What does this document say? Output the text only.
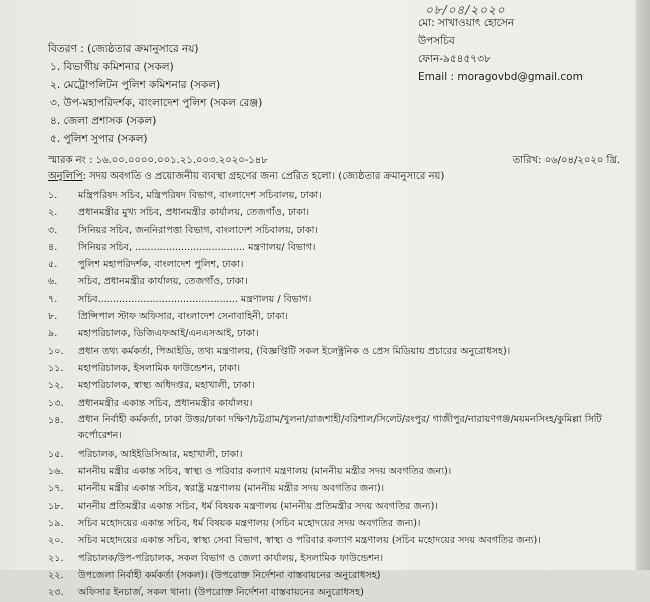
০৮/০৪/২০২০
মো: সাখাওয়াৎ হোসেন
উপসচিব
ফোন-৯৫৪৫৭৩৮
Email : moragovbd@gmail.com
বিতরণ : (জ্যেষ্ঠতার ক্রমানুসারে নয়)
১. বিভাগীয় কমিশনার (সকল)
২. মেট্রোপলিটন পুলিশ কমিশনার (সকল)
৩. উপ-মহাপরিদর্শক, বাংলাদেশ পুলিশ (সকল রেঞ্জ)
৪. জেলা প্রশাসক (সকল)
৫. পুলিশ সুপার (সকল)
স্মারক নং : ১৬.০০.০০০০.০০১.২১.০০৩.২০২০-১৪৮	তারিখ: ০৬/০৪/২০২০ খ্রি.
অনুলিপি: সদয় অবগতি ও প্রয়োজনীয় ব্যবস্থা গ্রহণের জন্য প্রেরিত হলো। (জ্যেষ্ঠতার ক্রমানুসারে নয়)
১.	মন্ত্রিপরিষদ সচিব, মন্ত্রিপরিষদ বিভাগ, বাংলাদেশ সচিবালয়, ঢাকা।
২.	প্রধানমন্ত্রীর মুখ্য সচিব, প্রধানমন্ত্রীর কার্যালয়, তেজগাঁও, ঢাকা।
৩.	সিনিয়র সচিব, জননিরাপত্তা বিভাগ, বাংলাদেশ সচিবালয়, ঢাকা।
৪.	সিনিয়র সচিব, .................................... মন্ত্রণালয়/ বিভাগ।
৫.	পুলিশ মহাপরিদর্শক, বাংলাদেশ পুলিশ, ঢাকা।
৬.	সচিব, প্রধানমন্ত্রীর কার্যালয়, তেজগাঁও, ঢাকা।
৭.	সচিব.............................................. মন্ত্রণালয় / বিভাগ।
৮.	প্রিন্সিপাল স্টাফ অফিসার, বাংলাদেশ সেনাবাহিনী, ঢাকা।
৯.	মহাপরিচালক, ডিজিএফআই/এনএসআই, ঢাকা।
১০.	প্রধান তথ্য কর্মকর্তা, পিআইডি, তথ্য মন্ত্রণালয়, (বিজ্ঞপ্তিটি সকল ইলেক্ট্রনিক ও প্রেস মিডিয়ায় প্রচারের অনুরোধসহ)।
১১.	মহাপরিচালক, ইসলামিক ফাউন্ডেশন, ঢাকা।
১২.	মহাপরিচালক, স্বাস্থ্য অধিদপ্তর, মহাখালী, ঢাকা।
১৩.	প্রধানমন্ত্রীর একান্ত সচিব, প্রধানমন্ত্রীর কার্যালয়।
১৪.	প্রধান নির্বাহী কর্মকর্তা, ঢাকা উত্তর/ঢাকা দক্ষিণ/চট্টগ্রাম/খুলনা/রাজশাহী/বরিশাল/সিলেট/রংপুর/ গাজীপুর/নারায়ণগঞ্জ/ময়মনসিংহ/কুমিল্লা সিটি কর্পোরেশন।
১৫.	পরিচালক, আইইডিসিআর, মহাখালী, ঢাকা।
১৬.	মাননীয় মন্ত্রীর একান্ত সচিব, স্বাস্থ্য ও পরিবার কল্যাণ মন্ত্রণালয় (মাননীয় মন্ত্রীর সদয় অবগতির জন্য)।
১৭.	মাননীয় মন্ত্রীর একান্ত সচিব, স্বরাষ্ট্র মন্ত্রণালয় (মাননীয় মন্ত্রীর সদয় অবগতির জন্য)।
১৮.	মাননীয় প্রতিমন্ত্রীর একান্ত সচিব, ধর্ম বিষয়ক মন্ত্রণালয় (মাননীয় প্রতিমন্ত্রীর সদয় অবগতির জন্য)।
১৯.	সচিব মহোদয়ের একান্ত সচিব, ধর্ম বিষয়ক মন্ত্রণালয় (সচিব মহোদয়ের সদয় অবগতির জন্য)।
২০.	সচিব মহোদয়ের একান্ত সচিব, স্বাস্থ্য সেবা বিভাগ, স্বাস্থ্য ও পরিবার কল্যাণ মন্ত্রণালয় (সচিব মহোদয়ের সদয় অবগতির জন্য)।
২১.	পরিচালক/উপ-পরিচালক, সকল বিভাগ ও জেলা কার্যালয়, ইসলামিক ফাউন্ডেশন।
২২.	উপজেলা নির্বাহী কর্মকর্তা (সকল)। (উপরোক্ত নির্দেশনা বাস্তবায়নের অনুরোধসহ)
২৩.	অফিসার ইনচার্জ, সকল থানা। (উপরোক্ত নির্দেশনা বাস্তবায়নের অনুরোধসহ)
